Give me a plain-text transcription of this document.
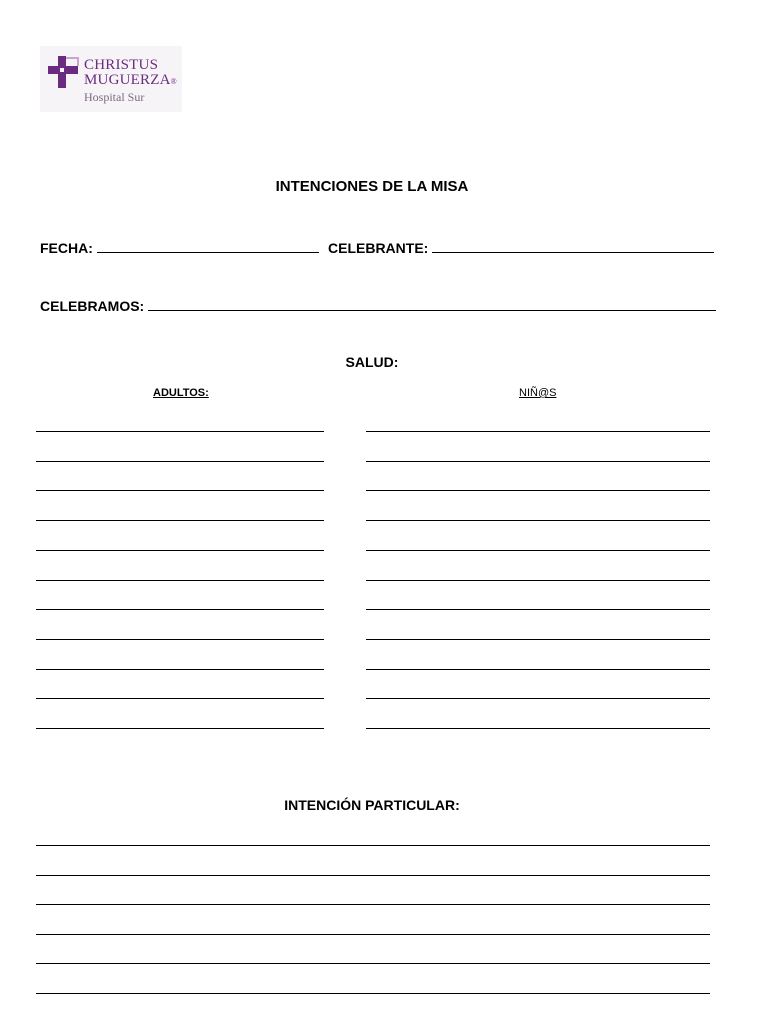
CHRISTUS
MUGUERZA®
Hospital Sur
INTENCIONES DE LA MISA
FECHA:	CELEBRANTE:
CELEBRAMOS:
SALUD:
ADULTOS:	NIÑ@S
INTENCIÓN PARTICULAR:
